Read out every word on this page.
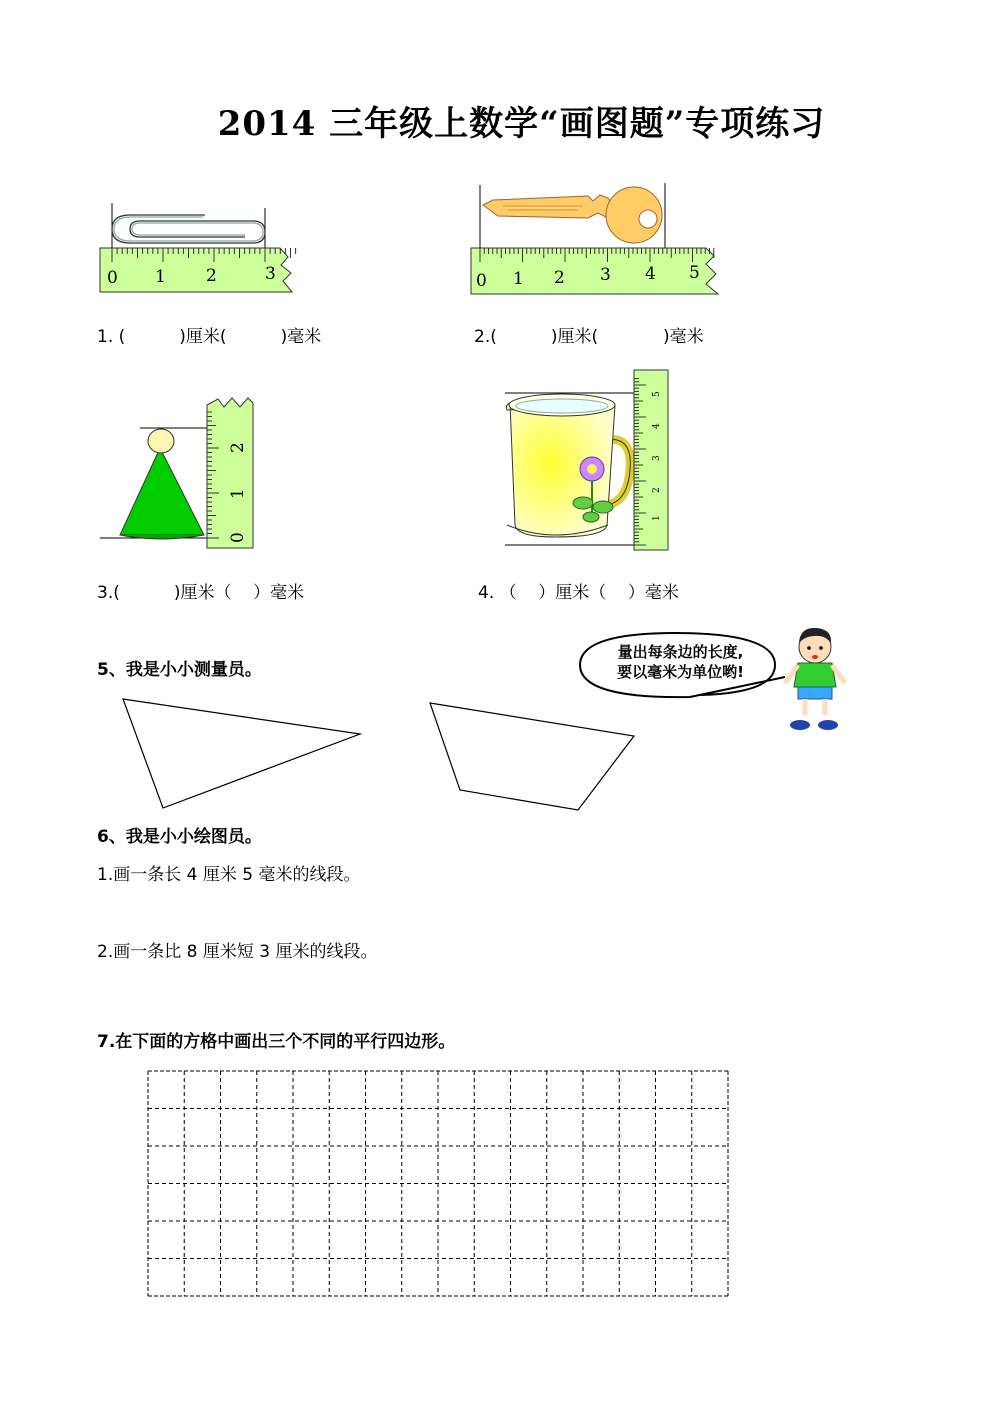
2014 三年级上数学“画图题”专项练习
0 1 2	3	0 1 2 3 4 5
1. (          )厘米(          )毫米	2.(          )厘米(            )毫米
0
1
2
1
2
3
4
5
3.(          )厘米（    ）毫米	4. （    ）厘米（    ）毫米
5、我是小小测量员。
量出每条边的长度,
要以毫米为单位哟!
6、我是小小绘图员。
1.画一条长 4 厘米 5 毫米的线段。
2.画一条比 8 厘米短 3 厘米的线段。
7.在下面的方格中画出三个不同的平行四边形。
